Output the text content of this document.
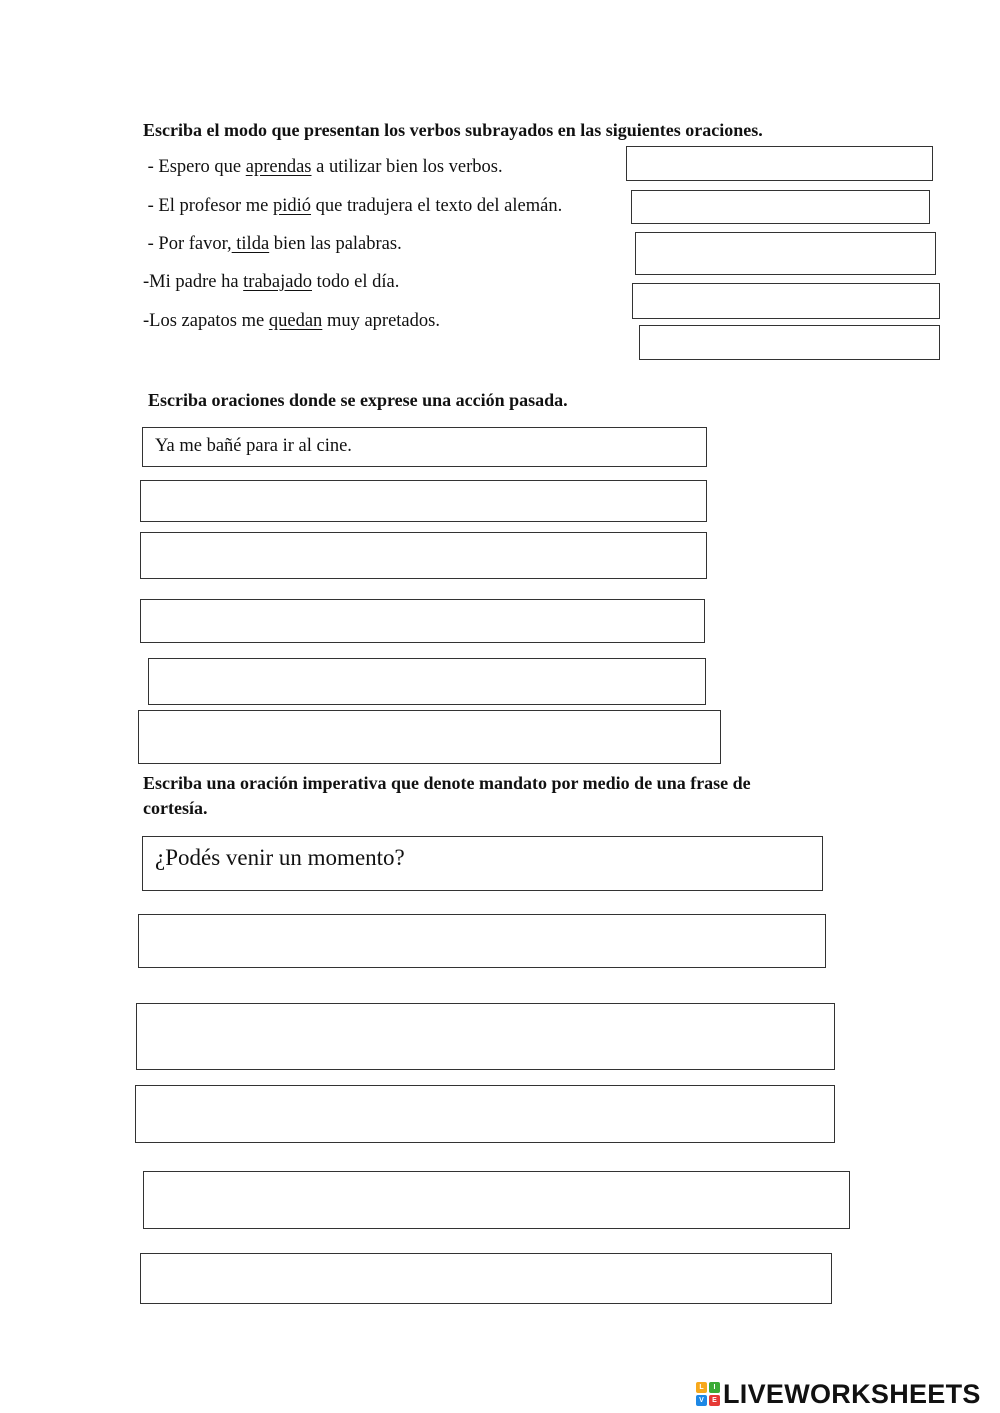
Escriba el modo que presentan los verbos subrayados en las siguientes oraciones.
- Espero que aprendas a utilizar bien los verbos.
- El profesor me pidió que tradujera el texto del alemán.
- Por favor, tilda bien las palabras.
-Mi padre ha trabajado todo el día.
-Los zapatos me quedan muy apretados.
Escriba oraciones donde se exprese una acción pasada.
Ya me bañé para ir al cine.
Escriba una oración imperativa que denote mandato por medio de una frase de
cortesía.
¿Podés venir un momento?
L	I
V	E LIVEWORKSHEETS
